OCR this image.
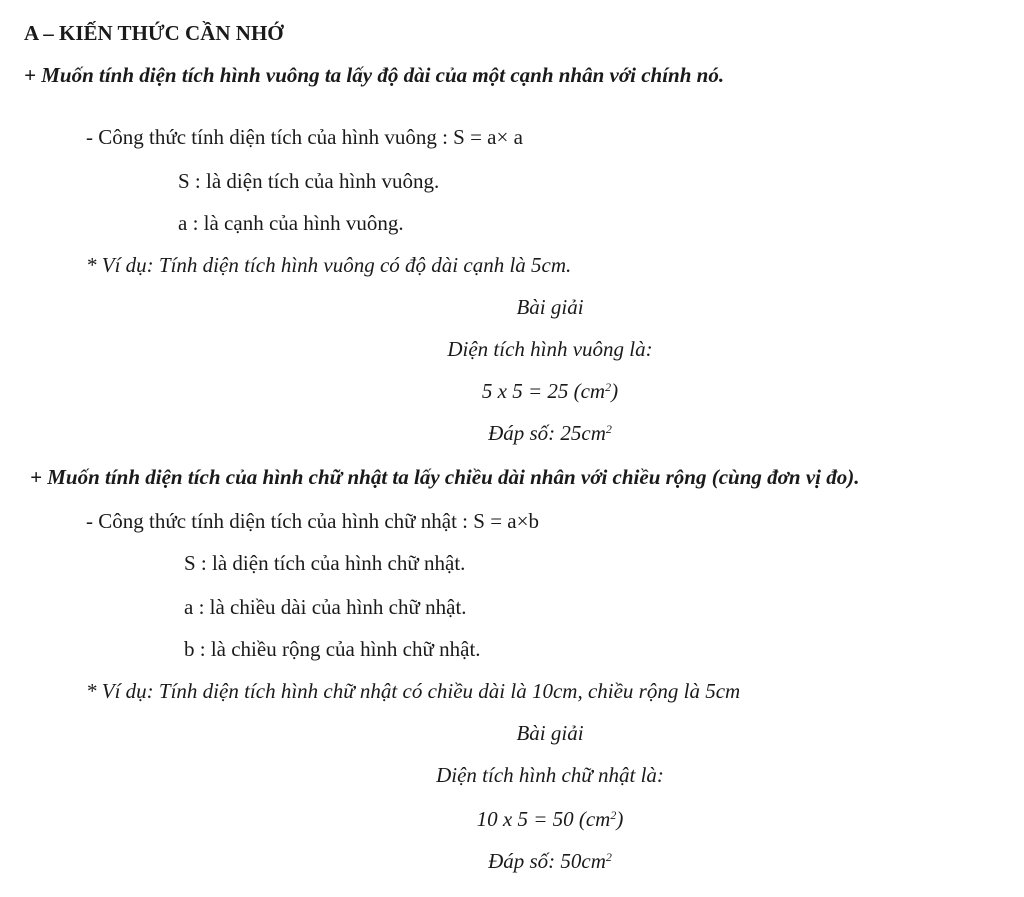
A – KIẾN THỨC CẦN NHỚ
+ Muốn tính diện tích hình vuông ta lấy độ dài của một cạnh nhân với chính nó.
- Công thức tính diện tích của hình vuông : S = a× a
S : là diện tích của hình vuông.
a : là cạnh của hình vuông.
* Ví dụ: Tính diện tích hình vuông có độ dài cạnh là 5cm.
Bài giải
Diện tích hình vuông là:
5 x 5 = 25 $(cm^2)$
Đáp số: $25cm^2$
+ Muốn tính diện tích của hình chữ nhật ta lấy chiều dài nhân với chiều rộng (cùng đơn vị đo).
- Công thức tính diện tích của hình chữ nhật : S = a×b
S : là diện tích của hình chữ nhật.
a : là chiều dài của hình chữ nhật.
b : là chiều rộng của hình chữ nhật.
* Ví dụ: Tính diện tích hình chữ nhật có chiều dài là 10cm, chiều rộng là 5cm
Bài giải
Diện tích hình chữ nhật là:
10 x 5 = 50 $(cm^2)$
Đáp số: $50cm^2$
